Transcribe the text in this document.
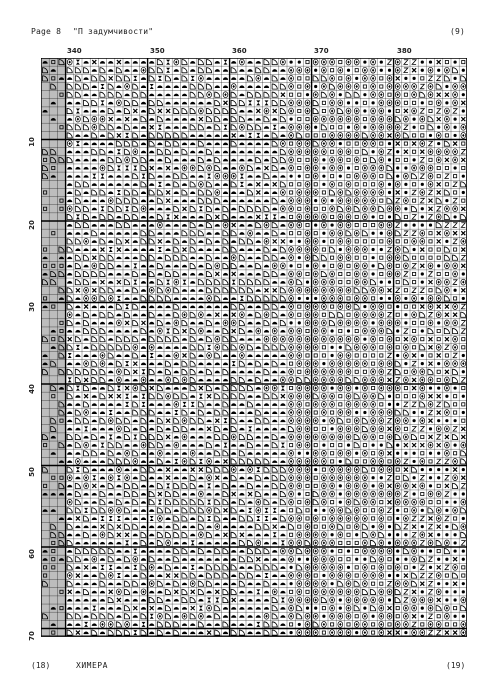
Page 8 "П задумчивости"	(9)
340	350	360	370	380
10
20
30
40
50
60
70
(18)	ХИМЕРА	(19)
